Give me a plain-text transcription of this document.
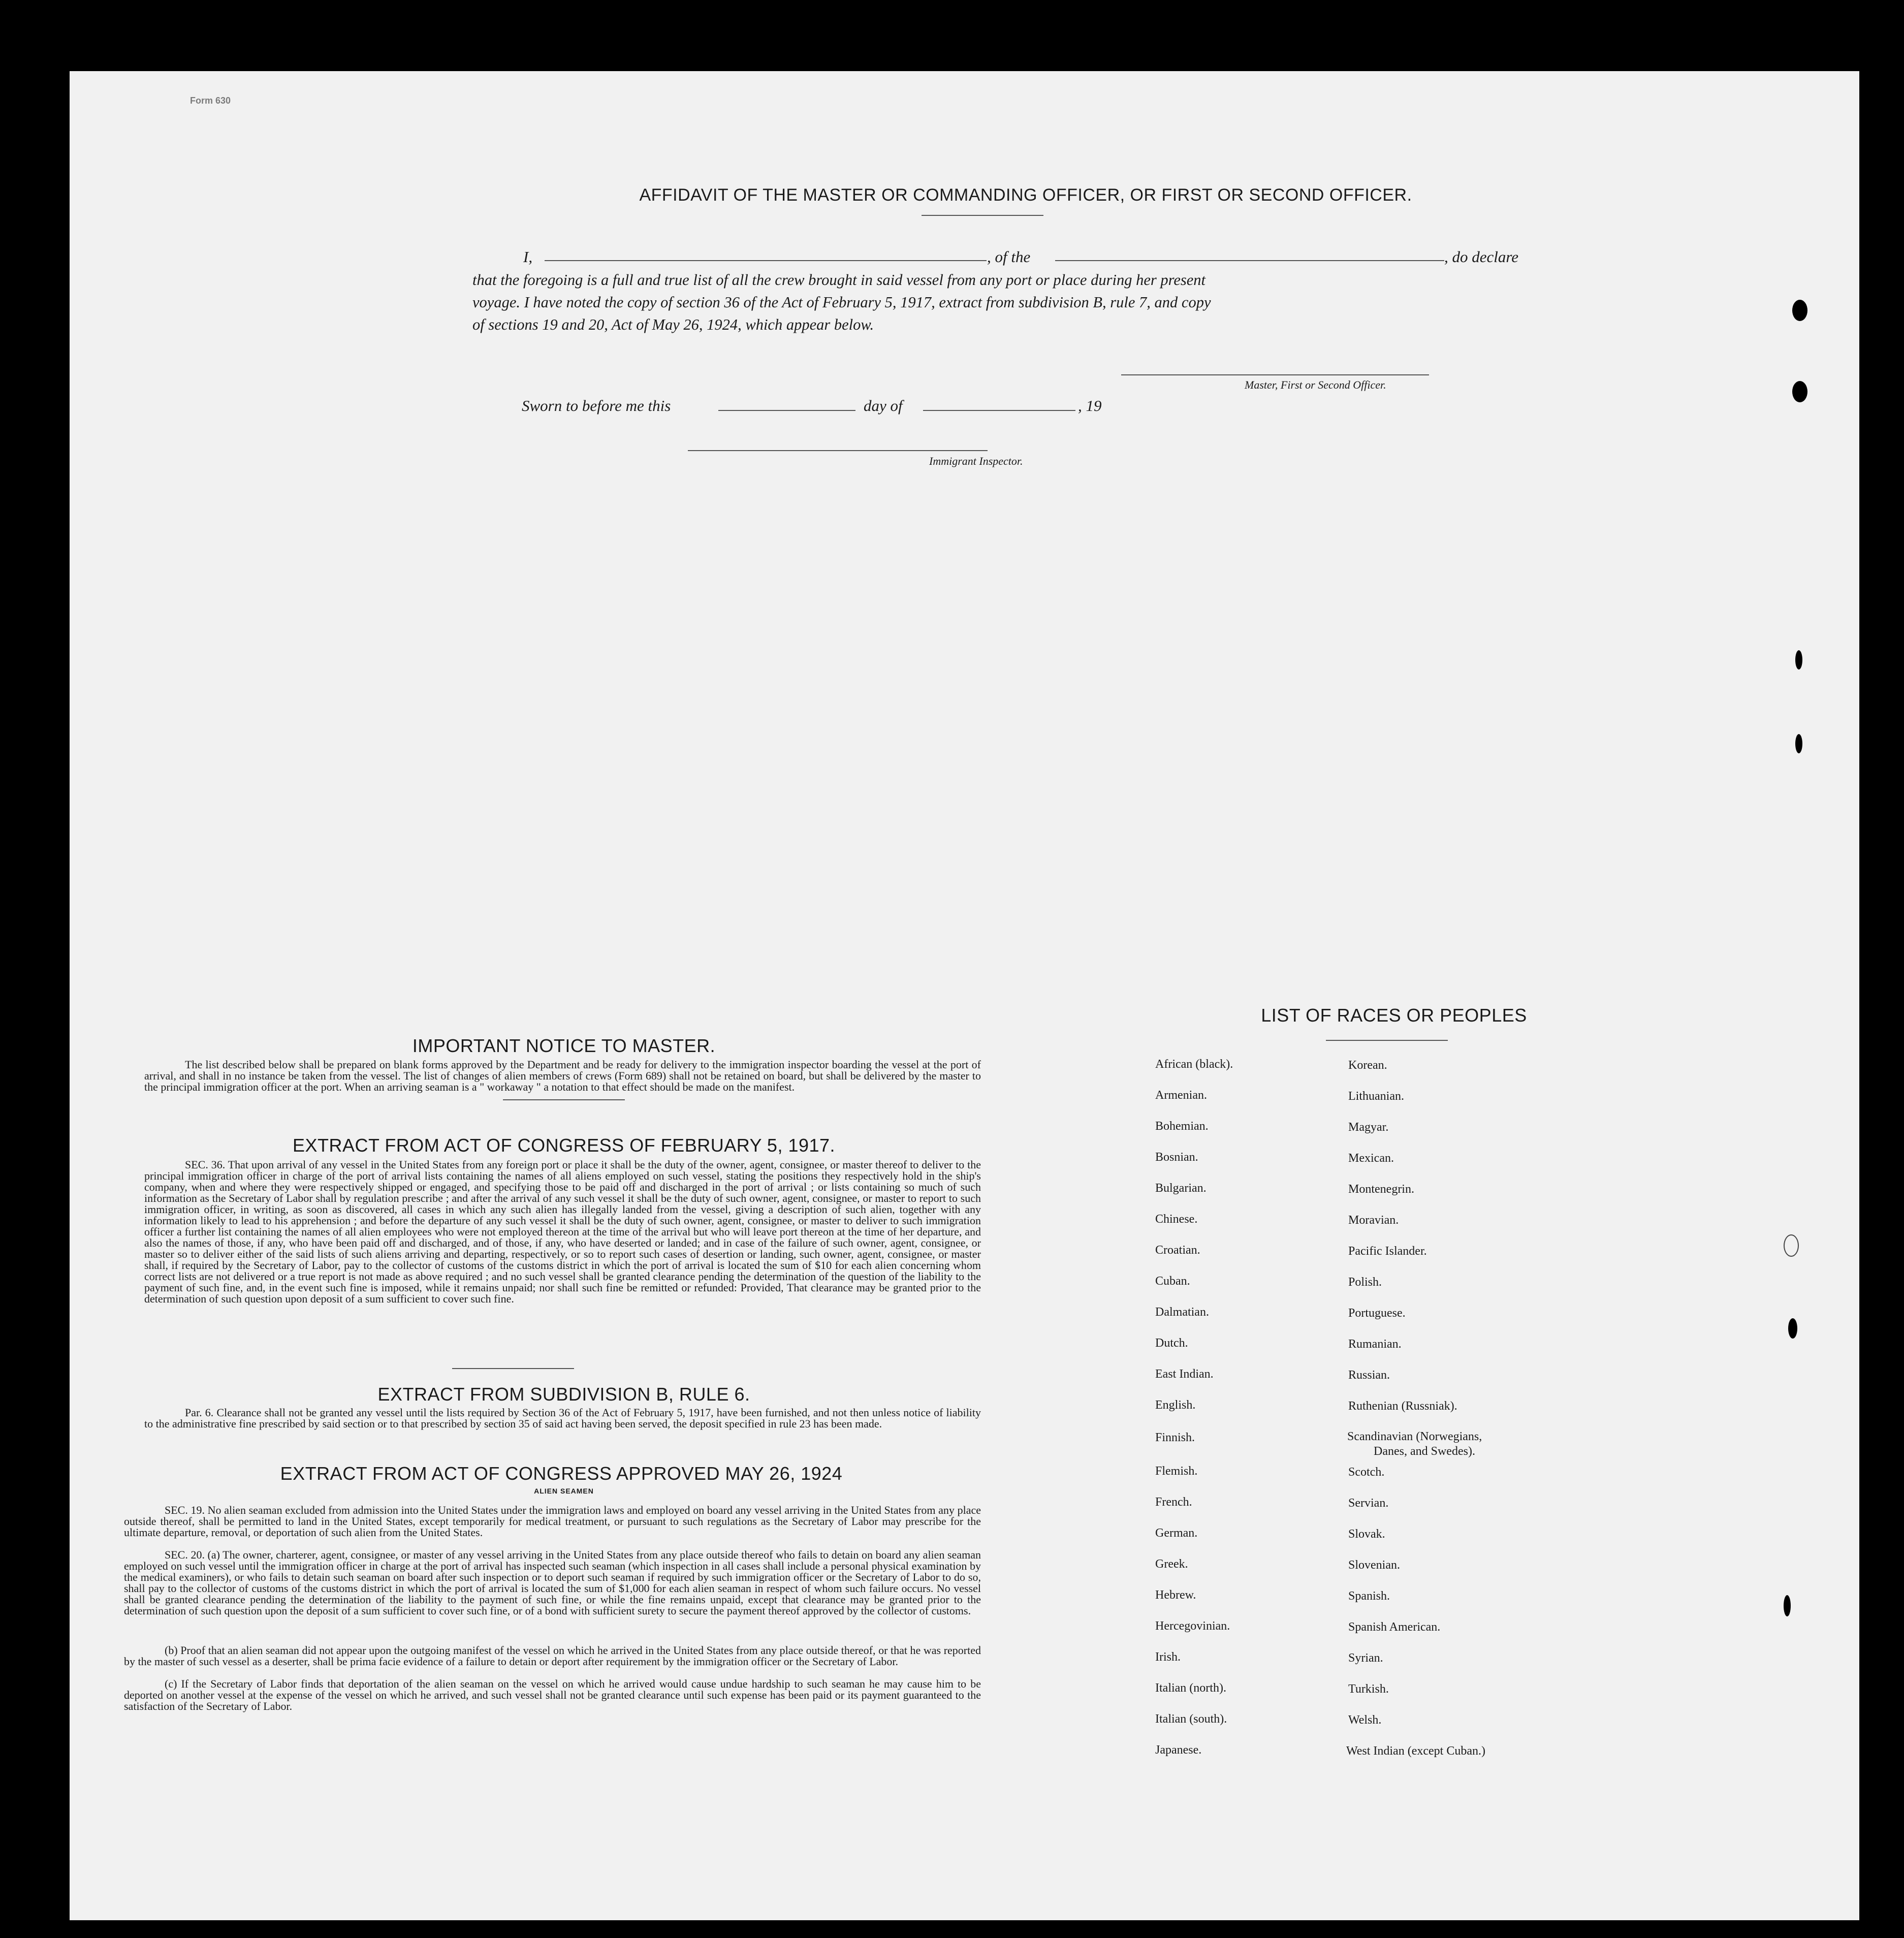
Form 630
AFFIDAVIT OF THE MASTER OR COMMANDING OFFICER, OR FIRST OR SECOND OFFICER.
I,	, of the	, do declare
that the foregoing is a full and true list of all the crew brought in said vessel from any port or place during her present
voyage. I have noted the copy of section 36 of the Act of February 5, 1917, extract from subdivision B, rule 7, and copy
of sections 19 and 20, Act of May 26, 1924, which appear below.
Master, First or Second Officer.
Sworn to before me this	day of	, 19
Immigrant Inspector.
IMPORTANT NOTICE TO MASTER.
The list described below shall be prepared on blank forms approved by the Department and be ready for delivery to the immigration inspector boarding the vessel at the port of arrival, and shall in no instance be taken from the vessel. The list of changes of alien members of crews (Form 689) shall not be retained on board, but shall be delivered by the master to the principal immigration officer at the port. When an arriving seaman is a " workaway " a notation to that effect should be made on the manifest.
EXTRACT FROM ACT OF CONGRESS OF FEBRUARY 5, 1917.
SEC. 36. That upon arrival of any vessel in the United States from any foreign port or place it shall be the duty of the owner, agent, consignee, or master thereof to deliver to the principal immigration officer in charge of the port of arrival lists containing the names of all aliens employed on such vessel, stating the positions they respectively hold in the ship's company, when and where they were respectively shipped or engaged, and specifying those to be paid off and discharged in the port of arrival ; or lists containing so much of such information as the Secretary of Labor shall by regulation prescribe ; and after the arrival of any such vessel it shall be the duty of such owner, agent, consignee, or master to report to such immigration officer, in writing, as soon as discovered, all cases in which any such alien has illegally landed from the vessel, giving a description of such alien, together with any information likely to lead to his apprehension ; and before the departure of any such vessel it shall be the duty of such owner, agent, consignee, or master to deliver to such immigration officer a further list containing the names of all alien employees who were not employed thereon at the time of the arrival but who will leave port thereon at the time of her departure, and also the names of those, if any, who have been paid off and discharged, and of those, if any, who have deserted or landed; and in case of the failure of such owner, agent, consignee, or master so to deliver either of the said lists of such aliens arriving and departing, respectively, or so to report such cases of desertion or landing, such owner, agent, consignee, or master shall, if required by the Secretary of Labor, pay to the collector of customs of the customs district in which the port of arrival is located the sum of $10 for each alien concerning whom correct lists are not delivered or a true report is not made as above required ; and no such vessel shall be granted clearance pending the determination of the question of the liability to the payment of such fine, and, in the event such fine is imposed, while it remains unpaid; nor shall such fine be remitted or refunded: Provided, That clearance may be granted prior to the determination of such question upon deposit of a sum sufficient to cover such fine.
EXTRACT FROM SUBDIVISION B, RULE 6.
Par. 6. Clearance shall not be granted any vessel until the lists required by Section 36 of the Act of February 5, 1917, have been furnished, and not then unless notice of liability to the administrative fine prescribed by said section or to that prescribed by section 35 of said act having been served, the deposit specified in rule 23 has been made.
EXTRACT FROM ACT OF CONGRESS APPROVED MAY 26, 1924
ALIEN SEAMEN
SEC. 19. No alien seaman excluded from admission into the United States under the immigration laws and employed on board any vessel arriving in the United States from any place outside thereof, shall be permitted to land in the United States, except temporarily for medical treatment, or pursuant to such regulations as the Secretary of Labor may prescribe for the ultimate departure, removal, or deportation of such alien from the United States.
SEC. 20. (a) The owner, charterer, agent, consignee, or master of any vessel arriving in the United States from any place outside thereof who fails to detain on board any alien seaman employed on such vessel until the immigration officer in charge at the port of arrival has inspected such seaman (which inspection in all cases shall include a personal physical examination by the medical examiners), or who fails to detain such seaman on board after such inspection or to deport such seaman if required by such immigration officer or the Secretary of Labor to do so, shall pay to the collector of customs of the customs district in which the port of arrival is located the sum of $1,000 for each alien seaman in respect of whom such failure occurs. No vessel shall be granted clearance pending the determination of the liability to the payment of such fine, or while the fine remains unpaid, except that clearance may be granted prior to the determination of such question upon the deposit of a sum sufficient to cover such fine, or of a bond with sufficient surety to secure the payment thereof approved by the collector of customs.
(b) Proof that an alien seaman did not appear upon the outgoing manifest of the vessel on which he arrived in the United States from any place outside thereof, or that he was reported by the master of such vessel as a deserter, shall be prima facie evidence of a failure to detain or deport after requirement by the immigration officer or the Secretary of Labor.
(c) If the Secretary of Labor finds that deportation of the alien seaman on the vessel on which he arrived would cause undue hardship to such seaman he may cause him to be deported on another vessel at the expense of the vessel on which he arrived, and such vessel shall not be granted clearance until such expense has been paid or its payment guaranteed to the satisfaction of the Secretary of Labor.
LIST OF RACES OR PEOPLES
African (black).
Armenian.
Bohemian.
Bosnian.
Bulgarian.
Chinese.
Croatian.
Cuban.
Dalmatian.
Dutch.
East Indian.
English.
Finnish.
Flemish.
French.
German.
Greek.
Hebrew.
Hercegovinian.
Irish.
Italian (north).
Italian (south).
Japanese.
Korean.
Lithuanian.
Magyar.
Mexican.
Montenegrin.
Moravian.
Pacific Islander.
Polish.
Portuguese.
Rumanian.
Russian.
Ruthenian (Russniak).
Scandinavian (Norwegians,
Danes, and Swedes).
Scotch.
Servian.
Slovak.
Slovenian.
Spanish.
Spanish American.
Syrian.
Turkish.
Welsh.
West Indian (except Cuban.)
